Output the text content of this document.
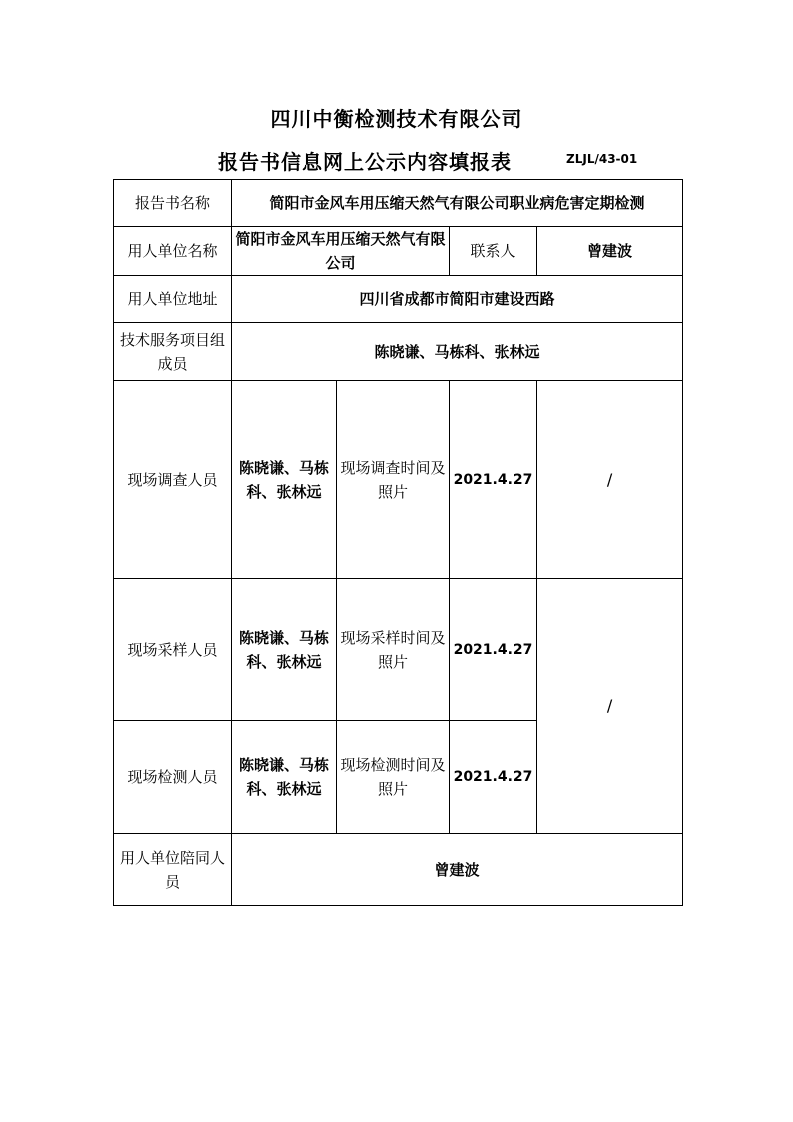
四川中衡检测技术有限公司
报告书信息网上公示内容填报表	ZLJL/43-01
报告书名称	简阳市金风车用压缩天然气有限公司职业病危害定期检测			
用人单位名称	简阳市金风车用压缩天然气有限公司		联系人	曾建波
用人单位地址	四川省成都市简阳市建设西路			
技术服务项目组成员	陈晓谦、马栋科、张林远			
现场调查人员	陈晓谦、马栋科、张林远	现场调查时间及照片	2021.4.27	/
现场采样人员	陈晓谦、马栋科、张林远	现场采样时间及照片	2021.4.27	/
现场检测人员	陈晓谦、马栋科、张林远	现场检测时间及照片	2021.4.27	
用人单位陪同人员	曾建波			
